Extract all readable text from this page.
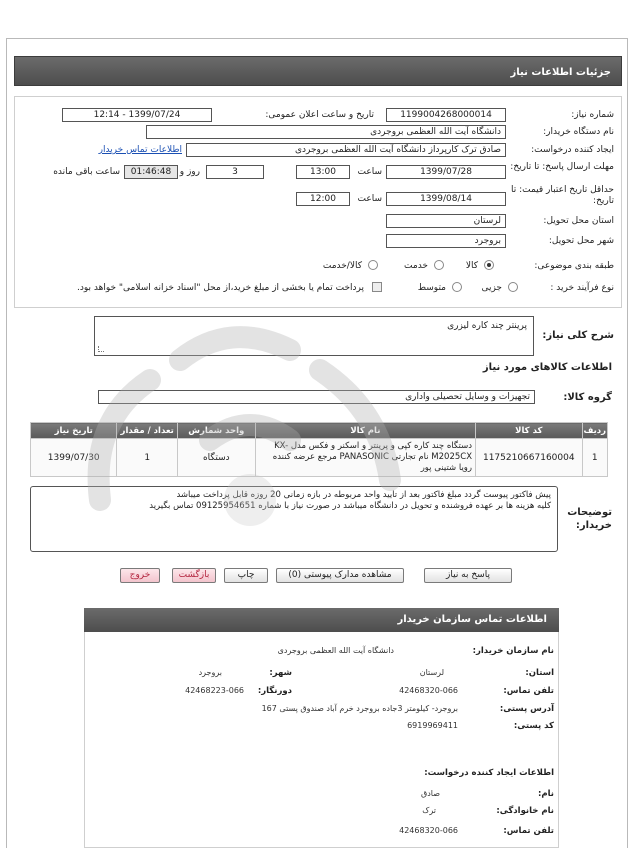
جزئیات اطلاعات نیاز
شماره نیاز:
1199004268000014
تاریخ و ساعت اعلان عمومی:
1399/07/24 - 12:14
نام دستگاه خریدار:
دانشگاه آیت الله العظمی بروجردی
ایجاد کننده درخواست:
صادق ترک کارپرداز دانشگاه آیت الله العظمی بروجردی
اطلاعات تماس خریدار
مهلت ارسال پاسخ: تا تاریخ:
1399/07/28
ساعت
13:00
3
روز و
01:46:48
ساعت باقی مانده
حداقل تاریخ اعتبار قیمت: تا تاریخ:
1399/08/14
ساعت
12:00
استان محل تحویل:
لرستان
شهر محل تحویل:
بروجرد
طبقه بندی موضوعی:
کالا
خدمت
کالا/خدمت
نوع فرآیند خرید :
جزیی
متوسط
پرداخت تمام یا بخشی از مبلغ خرید،از محل "اسناد خزانه اسلامی" خواهد بود.
شرح کلی نیاز:
پرینتر چند کاره لیزری
اطلاعات کالاهای مورد نیاز
گروه کالا:
تجهیزات و وسایل تحصیلی واداری
ردیف	کد کالا	نام کالا	واحد شمارش	تعداد / مقدار	تاریخ نیاز
1	1175210667160004	دستگاه چند کاره کپی و پرینتر و اسکنر و فکس مدل KX-M2025CX نام تجارتی PANASONIC مرجع عرضه کننده رویا شتینی پور	دستگاه	1	1399/07/30
توضیحات خریدار:
پیش فاکتور پیوست گردد مبلغ فاکتور بعد از تایید واحد مربوطه در بازه زمانی 20 روزه قابل پرداخت میباشد
کلیه هزینه ها بر عهده فروشنده و تحویل در دانشگاه میباشد در صورت نیاز با شماره 09125954651 تماس بگیرید
پاسخ به نیاز
مشاهده مدارک پیوستی (0)
چاپ
بازگشت
خروج
اطلاعات تماس سازمان خریدار
نام سازمان خریدار:
دانشگاه آیت الله العظمی بروجردی
استان:
لرستان
شهر:
بروجرد
تلفن تماس:
42468320-066
دورنگار:
42468223-066
آدرس پستی:
بروجرد- کیلومتر 3جاده بروجرد خرم آباد صندوق پستی 167
کد پستی:
6919969411
اطلاعات ایجاد کننده درخواست:
نام:
صادق
نام خانوادگی:
ترک
تلفن تماس:
42468320-066
